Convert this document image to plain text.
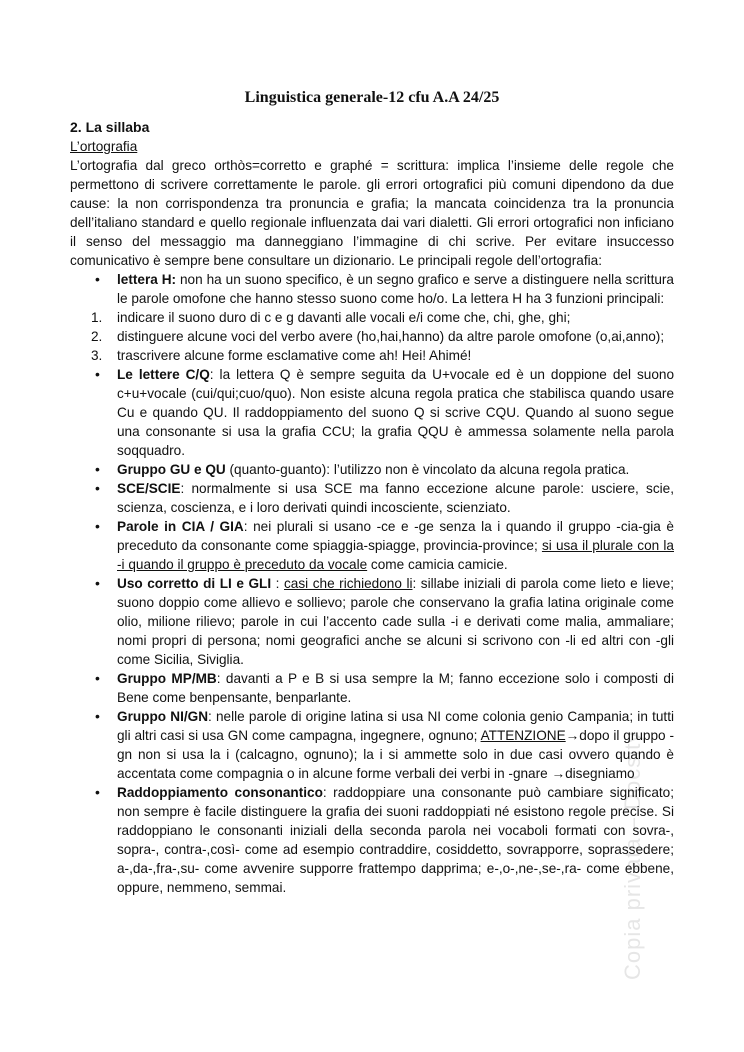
Copia privata – Docsity
Linguistica generale-12 cfu A.A 24/25

2. La sillaba

L’ortografia

L’ortografia dal greco orthòs=corretto e graphé = scrittura: implica l’insieme delle regole che permettono di scrivere correttamente le parole. gli errori ortografici più comuni dipendono da due cause: la non corrispondenza tra pronuncia e grafia; la mancata coincidenza tra la pronuncia dell’italiano standard e quello regionale influenzata dai vari dialetti. Gli errori ortografici non inficiano il senso del messaggio ma danneggiano l’immagine di chi scrive. Per evitare insuccesso comunicativo è sempre bene consultare un dizionario. Le principali regole dell’ortografia:

• lettera H: non ha un suono specifico, è un segno grafico e serve a distinguere nella scrittura le parole omofone che hanno stesso suono come ho/o. La lettera H ha 3 funzioni principali:
1. indicare il suono duro di c e g davanti alle vocali e/i come che, chi, ghe, ghi;
2. distinguere alcune voci del verbo avere (ho,hai,hanno) da altre parole omofone (o,ai,anno);
3. trascrivere alcune forme esclamative come ah! Hei! Ahimé!
• Le lettere C/Q: la lettera Q è sempre seguita da U+vocale ed è un doppione del suono c+u+vocale (cui/qui;cuo/quo). Non esiste alcuna regola pratica che stabilisca quando usare Cu e quando QU. Il raddoppiamento del suono Q si scrive CQU. Quando al suono segue una consonante si usa la grafia CCU; la grafia QQU è ammessa solamente nella parola soqquadro.
• Gruppo GU e QU (quanto-guanto): l’utilizzo non è vincolato da alcuna regola pratica.
• SCE/SCIE: normalmente si usa SCE ma fanno eccezione alcune parole: usciere, scie, scienza, coscienza, e i loro derivati quindi incosciente, scienziato.
• Parole in CIA / GIA: nei plurali si usano -ce e -ge senza la i quando il gruppo -cia-gia è preceduto da consonante come spiaggia-spiagge, provincia-province; si usa il plurale con la -i quando il gruppo è preceduto da vocale come camicia camicie.
• Uso corretto di LI e GLI : casi che richiedono li: sillabe iniziali di parola come lieto e lieve; suono doppio come allievo e sollievo; parole che conservano la grafia latina originale come olio, milione rilievo; parole in cui l’accento cade sulla -i e derivati come malia, ammaliare; nomi propri di persona; nomi geografici anche se alcuni si scrivono con -li ed altri con -gli come Sicilia, Siviglia.
• Gruppo MP/MB: davanti a P e B si usa sempre la M; fanno eccezione solo i composti di Bene come benpensante, benparlante.
• Gruppo NI/GN: nelle parole di origine latina si usa NI come colonia genio Campania; in tutti gli altri casi si usa GN come campagna, ingegnere, ognuno; ATTENZIONE→dopo il gruppo -gn non si usa la i (calcagno, ognuno); la i si ammette solo in due casi ovvero quando è accentata come compagnia o in alcune forme verbali dei verbi in -gnare →disegniamo
• Raddoppiamento consonantico: raddoppiare una consonante può cambiare significato; non sempre è facile distinguere la grafia dei suoni raddoppiati né esistono regole precise. Si raddoppiano le consonanti iniziali della seconda parola nei vocaboli formati con sovra-, sopra-, contra-,così- come ad esempio contraddire, cosiddetto, sovrapporre, soprassedere; a-,da-,fra-,su- come avvenire supporre frattempo dapprima; e-,o-,ne-,se-,ra- come ebbene, oppure, nemmeno, semmai.
